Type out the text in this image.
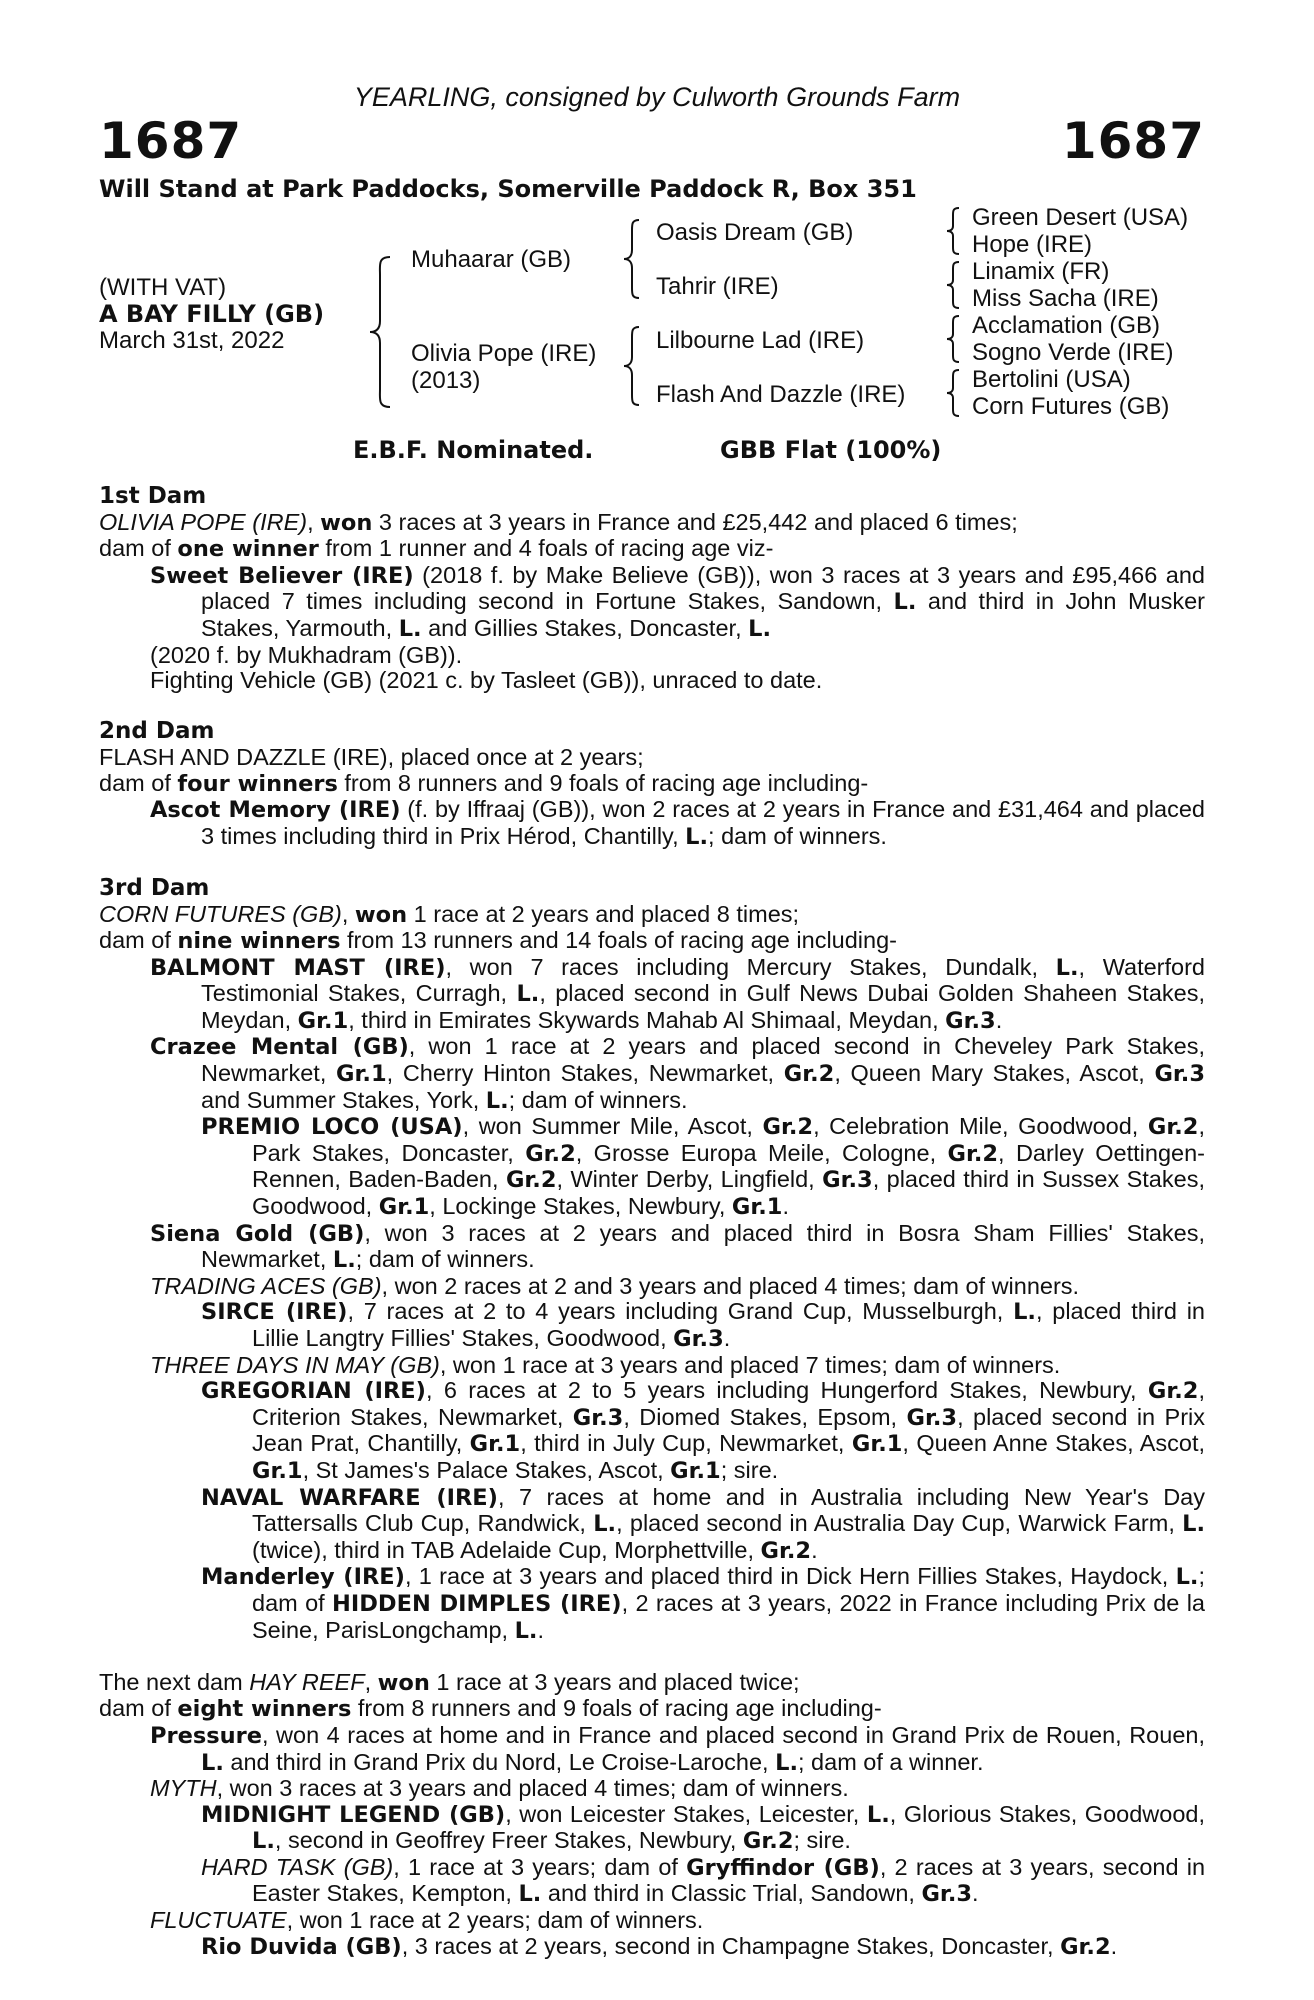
YEARLING, consigned by Culworth Grounds Farm
1687	1687
Will Stand at Park Paddocks, Somerville Paddock R, Box 351
(WITH VAT)
A BAY FILLY (GB)
March 31st, 2022
Muhaarar (GB)
Olivia Pope (IRE)
(2013)
Oasis Dream (GB)
Tahrir (IRE)
Lilbourne Lad (IRE)
Flash And Dazzle (IRE)
Green Desert (USA)
Hope (IRE)
Linamix (FR)
Miss Sacha (IRE)
Acclamation (GB)
Sogno Verde (IRE)
Bertolini (USA)
Corn Futures (GB)
E.B.F. Nominated.	GBB Flat (100%)
1st Dam
OLIVIA POPE (IRE), won 3 races at 3 years in France and £25,442 and placed 6 times;
dam of one winner from 1 runner and 4 foals of racing age viz-
Sweet Believer (IRE) (2018 f. by Make Believe (GB)), won 3 races at 3 years and £95,466 and placed 7 times including second in Fortune Stakes, Sandown, L. and third in John Musker Stakes, Yarmouth, L. and Gillies Stakes, Doncaster, L.
(2020 f. by Mukhadram (GB)).
Fighting Vehicle (GB) (2021 c. by Tasleet (GB)), unraced to date.
2nd Dam
FLASH AND DAZZLE (IRE), placed once at 2 years;
dam of four winners from 8 runners and 9 foals of racing age including-
Ascot Memory (IRE) (f. by Iffraaj (GB)), won 2 races at 2 years in France and £31,464 and placed 3 times including third in Prix Hérod, Chantilly, L.; dam of winners.
3rd Dam
CORN FUTURES (GB), won 1 race at 2 years and placed 8 times;
dam of nine winners from 13 runners and 14 foals of racing age including-
BALMONT MAST (IRE), won 7 races including Mercury Stakes, Dundalk, L., Waterford Testimonial Stakes, Curragh, L., placed second in Gulf News Dubai Golden Shaheen Stakes, Meydan, Gr.1, third in Emirates Skywards Mahab Al Shimaal, Meydan, Gr.3.
Crazee Mental (GB), won 1 race at 2 years and placed second in Cheveley Park Stakes, Newmarket, Gr.1, Cherry Hinton Stakes, Newmarket, Gr.2, Queen Mary Stakes, Ascot, Gr.3 and Summer Stakes, York, L.; dam of winners.
PREMIO LOCO (USA), won Summer Mile, Ascot, Gr.2, Celebration Mile, Goodwood, Gr.2, Park Stakes, Doncaster, Gr.2, Grosse Europa Meile, Cologne, Gr.2, Darley Oettingen-Rennen, Baden-Baden, Gr.2, Winter Derby, Lingfield, Gr.3, placed third in Sussex Stakes, Goodwood, Gr.1, Lockinge Stakes, Newbury, Gr.1.
Siena Gold (GB), won 3 races at 2 years and placed third in Bosra Sham Fillies' Stakes, Newmarket, L.; dam of winners.
TRADING ACES (GB), won 2 races at 2 and 3 years and placed 4 times; dam of winners.
SIRCE (IRE), 7 races at 2 to 4 years including Grand Cup, Musselburgh, L., placed third in Lillie Langtry Fillies' Stakes, Goodwood, Gr.3.
THREE DAYS IN MAY (GB), won 1 race at 3 years and placed 7 times; dam of winners.
GREGORIAN (IRE), 6 races at 2 to 5 years including Hungerford Stakes, Newbury, Gr.2, Criterion Stakes, Newmarket, Gr.3, Diomed Stakes, Epsom, Gr.3, placed second in Prix Jean Prat, Chantilly, Gr.1, third in July Cup, Newmarket, Gr.1, Queen Anne Stakes, Ascot, Gr.1, St James's Palace Stakes, Ascot, Gr.1; sire.
NAVAL WARFARE (IRE), 7 races at home and in Australia including New Year's Day Tattersalls Club Cup, Randwick, L., placed second in Australia Day Cup, Warwick Farm, L. (twice), third in TAB Adelaide Cup, Morphettville, Gr.2.
Manderley (IRE), 1 race at 3 years and placed third in Dick Hern Fillies Stakes, Haydock, L.; dam of HIDDEN DIMPLES (IRE), 2 races at 3 years, 2022 in France including Prix de la Seine, ParisLongchamp, L..
The next dam HAY REEF, won 1 race at 3 years and placed twice;
dam of eight winners from 8 runners and 9 foals of racing age including-
Pressure, won 4 races at home and in France and placed second in Grand Prix de Rouen, Rouen, L. and third in Grand Prix du Nord, Le Croise-Laroche, L.; dam of a winner.
MYTH, won 3 races at 3 years and placed 4 times; dam of winners.
MIDNIGHT LEGEND (GB), won Leicester Stakes, Leicester, L., Glorious Stakes, Goodwood, L., second in Geoffrey Freer Stakes, Newbury, Gr.2; sire.
HARD TASK (GB), 1 race at 3 years; dam of Gryffindor (GB), 2 races at 3 years, second in Easter Stakes, Kempton, L. and third in Classic Trial, Sandown, Gr.3.
FLUCTUATE, won 1 race at 2 years; dam of winners.
Rio Duvida (GB), 3 races at 2 years, second in Champagne Stakes, Doncaster, Gr.2.
